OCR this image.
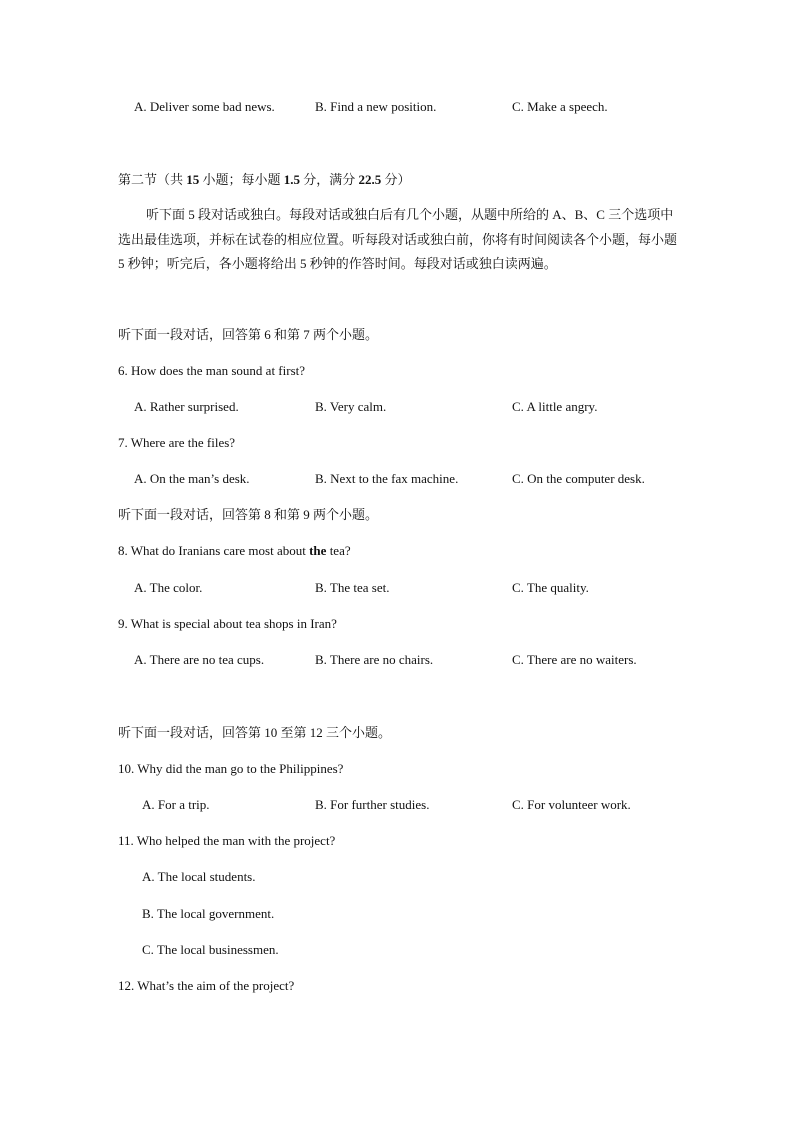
A. Deliver some bad news.	B. Find a new position.	C. Make a speech.
第二节（共 15 小题；每小题 1.5 分，满分 22.5 分）
听下面 5 段对话或独白。每段对话或独白后有几个小题，从题中所给的 A、B、C 三个选项中选出最佳选项，并标在试卷的相应位置。听每段对话或独白前，你将有时间阅读各个小题，每小题 5 秒钟；听完后，各小题将给出 5 秒钟的作答时间。每段对话或独白读两遍。
听下面一段对话，回答第 6 和第 7 两个小题。
6. How does the man sound at first?
A. Rather surprised.	B. Very calm.	C. A little angry.
7. Where are the files?
A. On the man’s desk.	B. Next to the fax machine.	C. On the computer desk.
听下面一段对话，回答第 8 和第 9 两个小题。
8. What do Iranians care most about the tea?
A. The color.	B. The tea set.	C. The quality.
9. What is special about tea shops in Iran?
A. There are no tea cups.	B. There are no chairs.	C. There are no waiters.
听下面一段对话，回答第 10 至第 12 三个小题。
10. Why did the man go to the Philippines?
A. For a trip.	B. For further studies.	C. For volunteer work.
11. Who helped the man with the project?
A. The local students.
B. The local government.
C. The local businessmen.
12. What’s the aim of the project?
